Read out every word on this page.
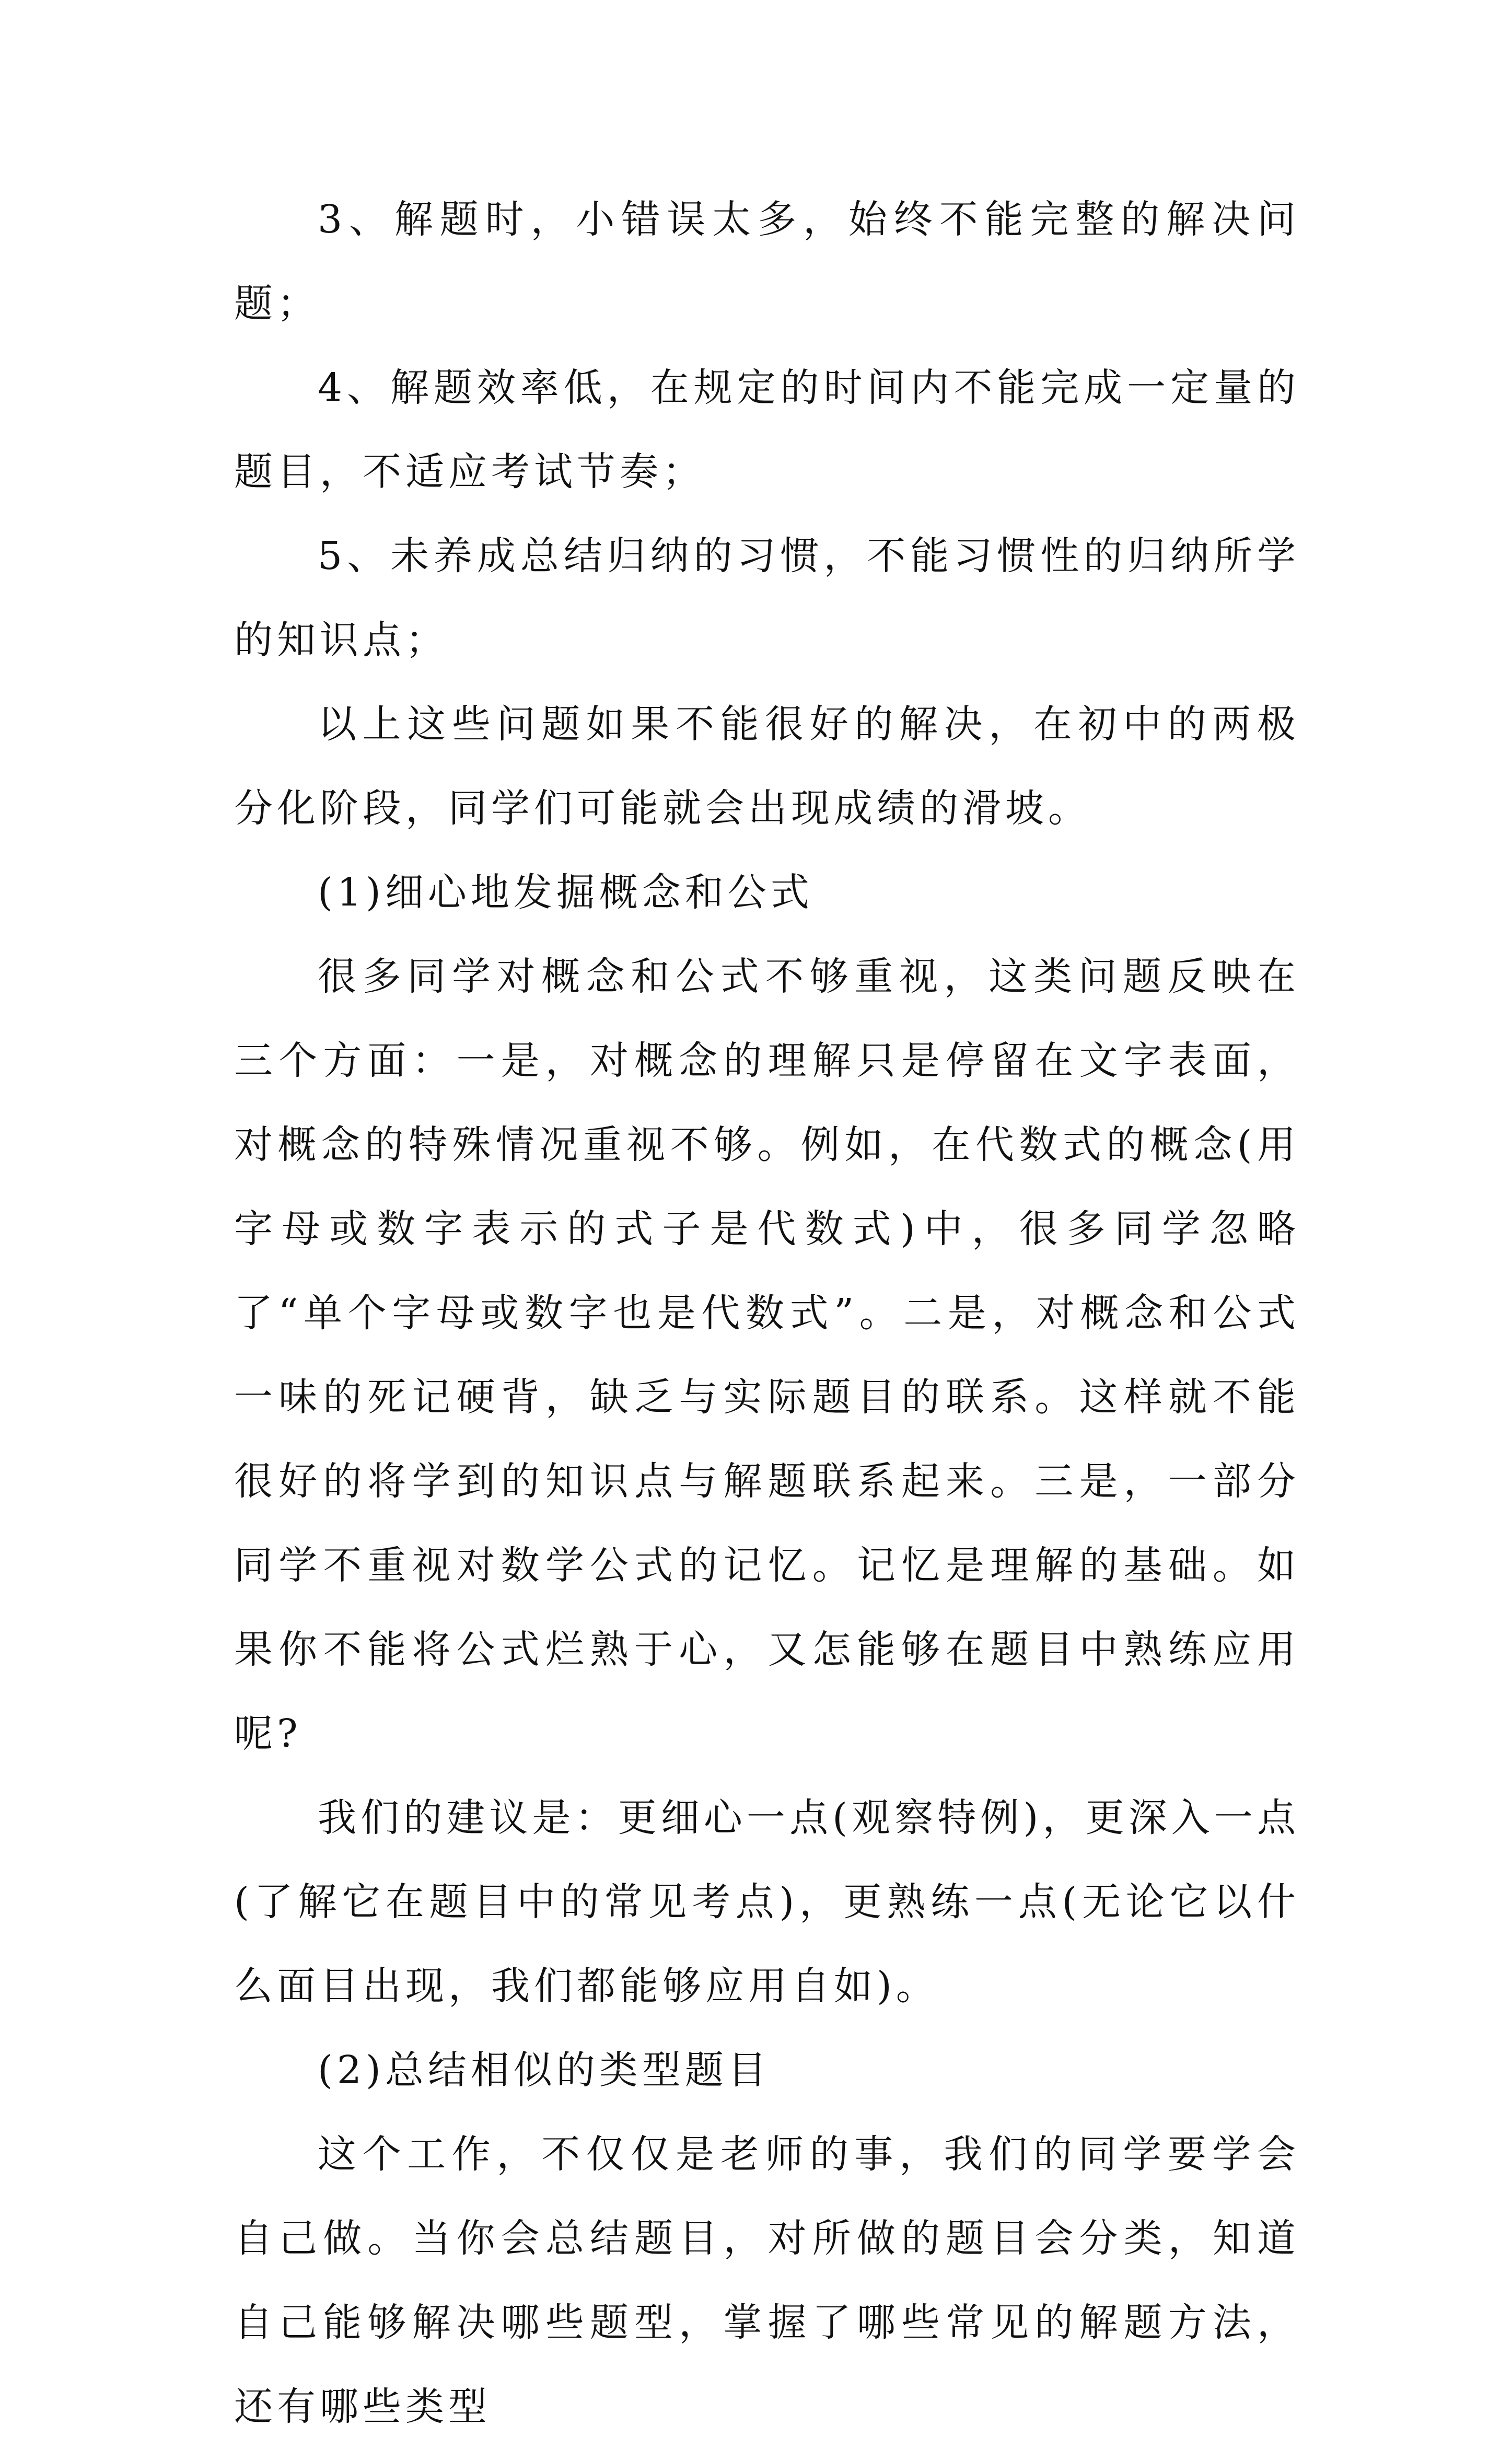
3、解题时，小错误太多，始终不能完整的解决问题；

4、解题效率低，在规定的时间内不能完成一定量的题目，不适应考试节奏；

5、未养成总结归纳的习惯，不能习惯性的归纳所学的知识点；

以上这些问题如果不能很好的解决，在初中的两极分化阶段，同学们可能就会出现成绩的滑坡。

(1)细心地发掘概念和公式

很多同学对概念和公式不够重视，这类问题反映在三个方面：一是，对概念的理解只是停留在文字表面，对概念的特殊情况重视不够。例如，在代数式的概念(用字母或数字表示的式子是代数式)中，很多同学忽略了“单个字母或数字也是代数式”。二是，对概念和公式一味的死记硬背，缺乏与实际题目的联系。这样就不能很好的将学到的知识点与解题联系起来。三是，一部分同学不重视对数学公式的记忆。记忆是理解的基础。如果你不能将公式烂熟于心，又怎能够在题目中熟练应用呢?

我们的建议是：更细心一点(观察特例)，更深入一点(了解它在题目中的常见考点)，更熟练一点(无论它以什么面目出现，我们都能够应用自如)。

(2)总结相似的类型题目

这个工作，不仅仅是老师的事，我们的同学要学会自己做。当你会总结题目，对所做的题目会分类，知道自己能够解决哪些题型，掌握了哪些常见的解题方法，还有哪些类型
